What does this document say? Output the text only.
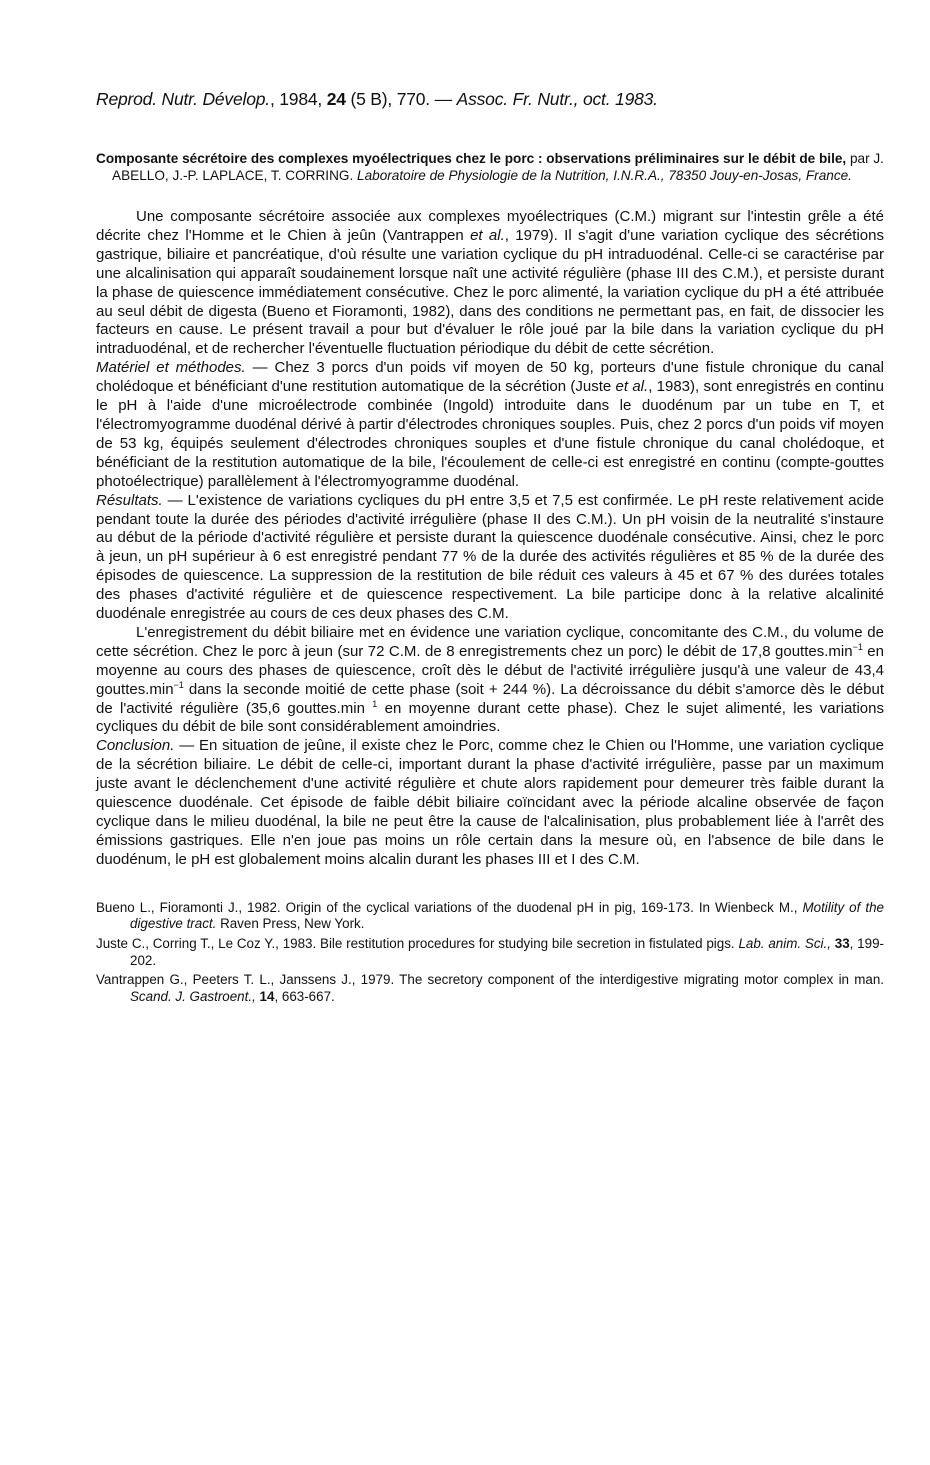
Reprod. Nutr. Dévelop., 1984, 24 (5 B), 770. — Assoc. Fr. Nutr., oct. 1983.
Composante sécrétoire des complexes myoélectriques chez le porc : observations préliminaires sur le débit de bile, par J. ABELLO, J.-P. LAPLACE, T. CORRING. Laboratoire de Physiologie de la Nutrition, I.N.R.A., 78350 Jouy-en-Josas, France.

Une composante sécrétoire associée aux complexes myoélectriques (C.M.) migrant sur l'intestin grêle a été décrite chez l'Homme et le Chien à jeûn (Vantrappen et al., 1979). Il s'agit d'une variation cyclique des sécrétions gastrique, biliaire et pancréatique, d'où résulte une variation cyclique du pH intraduodénal. Celle-ci se caractérise par une alcalinisation qui apparaît soudainement lorsque naît une activité régulière (phase III des C.M.), et persiste durant la phase de quiescence immédiatement consécutive. Chez le porc alimenté, la variation cyclique du pH a été attribuée au seul débit de digesta (Bueno et Fioramonti, 1982), dans des conditions ne permettant pas, en fait, de dissocier les facteurs en cause. Le présent travail a pour but d'évaluer le rôle joué par la bile dans la variation cyclique du pH intraduodénal, et de rechercher l'éventuelle fluctuation périodique du débit de cette sécrétion.

Matériel et méthodes. — Chez 3 porcs d'un poids vif moyen de 50 kg, porteurs d'une fistule chronique du canal cholédoque et bénéficiant d'une restitution automatique de la sécrétion (Juste et al., 1983), sont enregistrés en continu le pH à l'aide d'une microélectrode combinée (Ingold) introduite dans le duodénum par un tube en T, et l'électromyogramme duodénal dérivé à partir d'électrodes chroniques souples. Puis, chez 2 porcs d'un poids vif moyen de 53 kg, équipés seulement d'électrodes chroniques souples et d'une fistule chronique du canal cholédoque, et bénéficiant de la restitution automatique de la bile, l'écoulement de celle-ci est enregistré en continu (compte-gouttes photoélectrique) parallèlement à l'électromyogramme duodénal.

Résultats. — L'existence de variations cycliques du pH entre 3,5 et 7,5 est confirmée. Le pH reste relativement acide pendant toute la durée des périodes d'activité irrégulière (phase II des C.M.). Un pH voisin de la neutralité s'instaure au début de la période d'activité régulière et persiste durant la quiescence duodénale consécutive. Ainsi, chez le porc à jeun, un pH supérieur à 6 est enregistré pendant 77 % de la durée des activités régulières et 85 % de la durée des épisodes de quiescence. La suppression de la restitution de bile réduit ces valeurs à 45 et 67 % des durées totales des phases d'activité régulière et de quiescence respectivement. La bile participe donc à la relative alcalinité duodénale enregistrée au cours de ces deux phases des C.M.

L'enregistrement du débit biliaire met en évidence une variation cyclique, concomitante des C.M., du volume de cette sécrétion. Chez le porc à jeun (sur 72 C.M. de 8 enregistrements chez un porc) le débit de 17,8 $gouttes.\min^{-1}$ en moyenne au cours des phases de quiescence, croît dès le début de l'activité irrégulière jusqu'à une valeur de 43,4 $gouttes.\min^{-1}$ dans la seconde moitié de cette phase (soit + 244 %). La décroissance du débit s'amorce dès le début de l'activité régulière (35,6 gouttes.min $^1$ en moyenne durant cette phase). Chez le sujet alimenté, les variations cycliques du débit de bile sont considérablement amoindries.

Conclusion. — En situation de jeûne, il existe chez le Porc, comme chez le Chien ou l'Homme, une variation cyclique de la sécrétion biliaire. Le débit de celle-ci, important durant la phase d'activité irrégulière, passe par un maximum juste avant le déclenchement d'une activité régulière et chute alors rapidement pour demeurer très faible durant la quiescence duodénale. Cet épisode de faible débit biliaire coïncidant avec la période alcaline observée de façon cyclique dans le milieu duodénal, la bile ne peut être la cause de l'alcalinisation, plus probablement liée à l'arrêt des émissions gastriques. Elle n'en joue pas moins un rôle certain dans la mesure où, en l'absence de bile dans le duodénum, le pH est globalement moins alcalin durant les phases III et I des C.M.

Bueno L., Fioramonti J., 1982. Origin of the cyclical variations of the duodenal pH in pig, 169-173. In Wienbeck M., Motility of the digestive tract. Raven Press, New York.
Juste C., Corring T., Le Coz Y., 1983. Bile restitution procedures for studying bile secretion in fistulated pigs. Lab. anim. Sci., 33, 199-202.
Vantrappen G., Peeters T. L., Janssens J., 1979. The secretory component of the interdigestive migrating motor complex in man. Scand. J. Gastroent., 14, 663-667.
